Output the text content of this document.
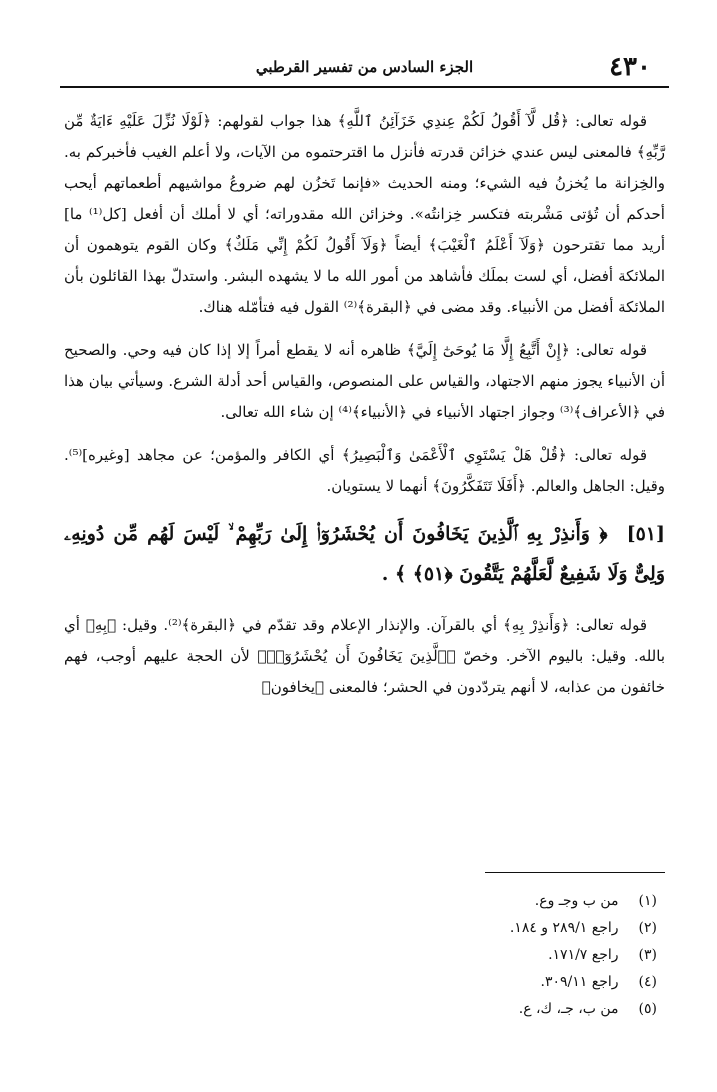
٤٣٠
الجزء السادس من تفسير القرطبي

قوله تعالى: ﴿قُل لَّآ أَقُولُ لَكُمْ عِندِي خَزَآئِنُ ٱللَّهِ﴾ هذا جواب لقولهم: ﴿لَوْلَا نُزِّلَ عَلَيْهِ ءَايَةٌ مِّن رَّبِّهِ﴾ فالمعنى ليس عندي خزائن قدرته فأنزل ما اقترحتموه من الآيات، ولا أعلم الغيب فأخبركم به. والخِزانة ما يُخزنُ فيه الشيء؛ ومنه الحديث «فإنما تَخزُن لهم ضروعُ مواشيهم أطعماتهم أيحب أحدكم أن تُؤتى مَشْربته فتكسر خِزانتُه». وخزائن الله مقدوراته؛ أي لا أملك أن أفعل [كل⁽¹⁾ ما] أريد مما تقترحون ﴿وَلَآ أَعْلَمُ ٱلْغَيْبَ﴾ أيضاً ﴿وَلَآ أَقُولُ لَكُمْ إِنِّي مَلَكٌ﴾ وكان القوم يتوهمون أن الملائكة أفضل، أي لست بملَك فأشاهد من أمور الله ما لا يشهده البشر. واستدلّ بهذا القائلون بأن الملائكة أفضل من الأنبياء. وقد مضى في ﴿البقرة﴾⁽²⁾ القول فيه فتأمّله هناك.

قوله تعالى: ﴿إِنْ أَتَّبِعُ إِلَّا مَا يُوحَىٰٓ إِلَيَّ﴾ ظاهره أنه لا يقطع أمراً إلا إذا كان فيه وحي. والصحيح أن الأنبياء يجوز منهم الاجتهاد، والقياس على المنصوص، والقياس أحد أدلة الشرع. وسيأتي بيان هذا في ﴿الأعراف﴾⁽³⁾ وجواز اجتهاد الأنبياء في ﴿الأنبياء﴾⁽⁴⁾ إن شاء الله تعالى.

قوله تعالى: ﴿قُلْ هَلْ يَسْتَوِي ٱلْأَعْمَىٰ وَٱلْبَصِيرُ﴾ أي الكافر والمؤمن؛ عن مجاهد [وغيره]⁽⁵⁾. وقيل: الجاهل والعالم. ﴿أَفَلَا تَتَفَكَّرُونَ﴾ أنهما لا يستويان.

[٥١] ﴿ وَأَنذِرْ بِهِ ٱلَّذِينَ يَخَافُونَ أَن يُحْشَرُوٓا۟ إِلَىٰ رَبِّهِمْ ۙ لَيْسَ لَهُم مِّن دُونِهِۦ وَلِىٌّ وَلَا شَفِيعٌ لَّعَلَّهُمْ يَتَّقُونَ ﴿٥١﴾ ﴾ .

قوله تعالى: ﴿وَأَنذِرْ بِهِ﴾ أي بالقرآن. والإنذار الإعلام وقد تقدّم في ﴿البقرة﴾⁽²⁾. وقيل: ﴿بِهِ﴾ أي بالله. وقيل: باليوم الآخر. وخصّ ﴿ٱلَّذِينَ يَخَافُونَ أَن يُحْشَرُوٓا۟﴾ لأن الحجة عليهم أوجب، فهم خائفون من عذابه، لا أنهم يتردّدون في الحشر؛ فالمعنى ﴿يخافون﴾

(١) من ب وجـ وع.
(٢) راجع ٢٨٩/١ و ١٨٤.
(٣) راجع ١٧١/٧.
(٤) راجع ٣٠٩/١١.
(٥) من ب، جـ، ك، ع.
